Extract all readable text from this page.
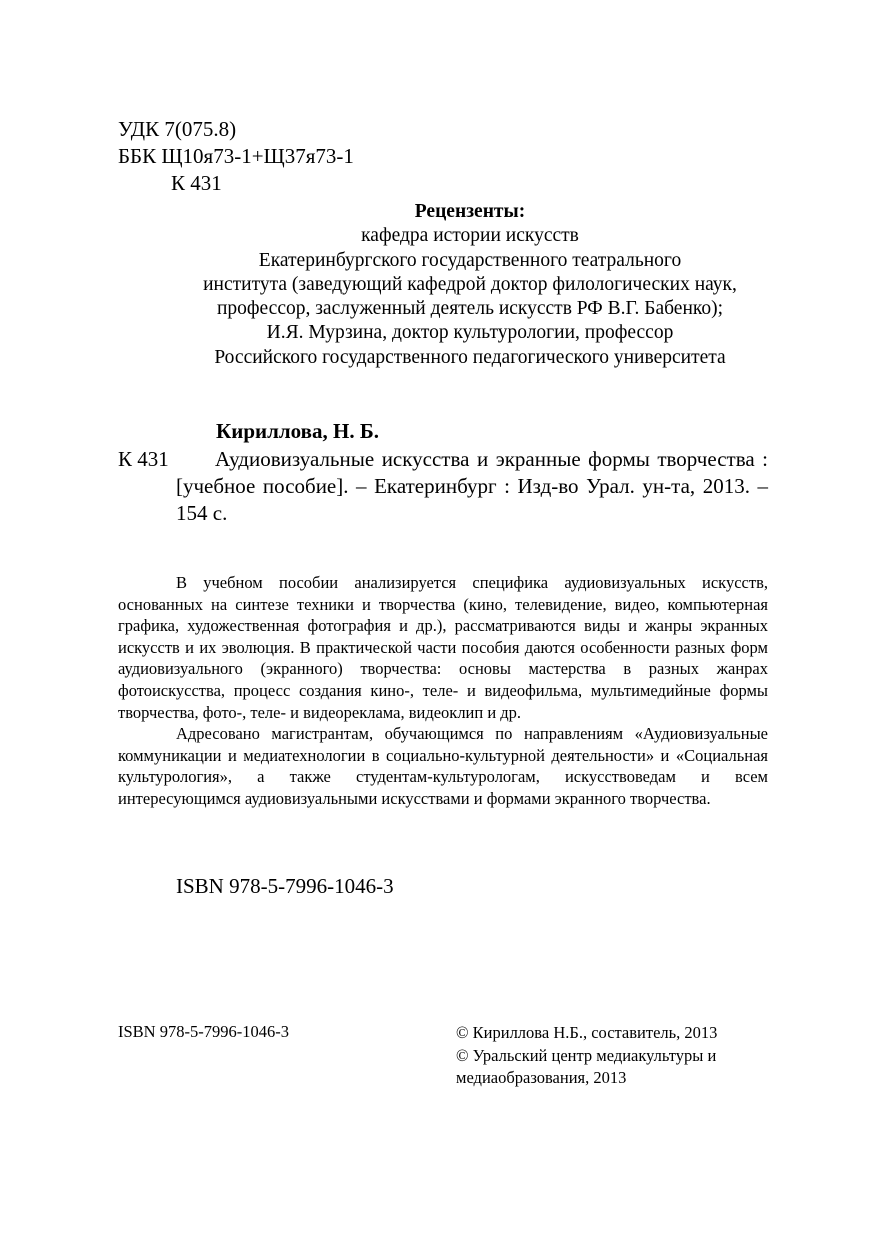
УДК 7(075.8)
ББК Щ10я73-1+Щ37я73-1
К 431
Рецензенты:
кафедра истории искусств
Екатеринбургского государственного театрального
института (заведующий кафедрой доктор филологических наук,
профессор, заслуженный деятель искусств РФ В.Г. Бабенко);
И.Я. Мурзина, доктор культурологии, профессор
Российского государственного педагогического университета
Кириллова, Н. Б.
К 431	Аудиовизуальные искусства и экранные формы творчества : [учебное пособие]. – Екатеринбург : Изд-во Урал. ун-та, 2013. – 154 с.

В учебном пособии анализируется специфика аудиовизуальных искусств, основанных на синтезе техники и творчества (кино, телевидение, видео, компьютерная графика, художественная фотография и др.), рассматриваются виды и жанры экранных искусств и их эволюция. В практической части пособия даются особенности разных форм аудиовизуального (экранного) творчества: основы мастерства в разных жанрах фотоискусства, процесс создания кино-, теле- и видеофильма, мультимедийные формы творчества, фото-, теле- и видеореклама, видеоклип и др.

Адресовано магистрантам, обучающимся по направлениям «Аудиовизуальные коммуникации и медиатехнологии в социально-культурной деятельности» и «Социальная культурология», а также студентам-культурологам, искусствоведам и всем интересующимся аудиовизуальными искусствами и формами экранного творчества.

ISBN 978-5-7996-1046-3
ISBN 978-5-7996-1046-3	© Кириллова Н.Б., составитель, 2013
© Уральский центр медиакультуры и
медиаобразования, 2013
